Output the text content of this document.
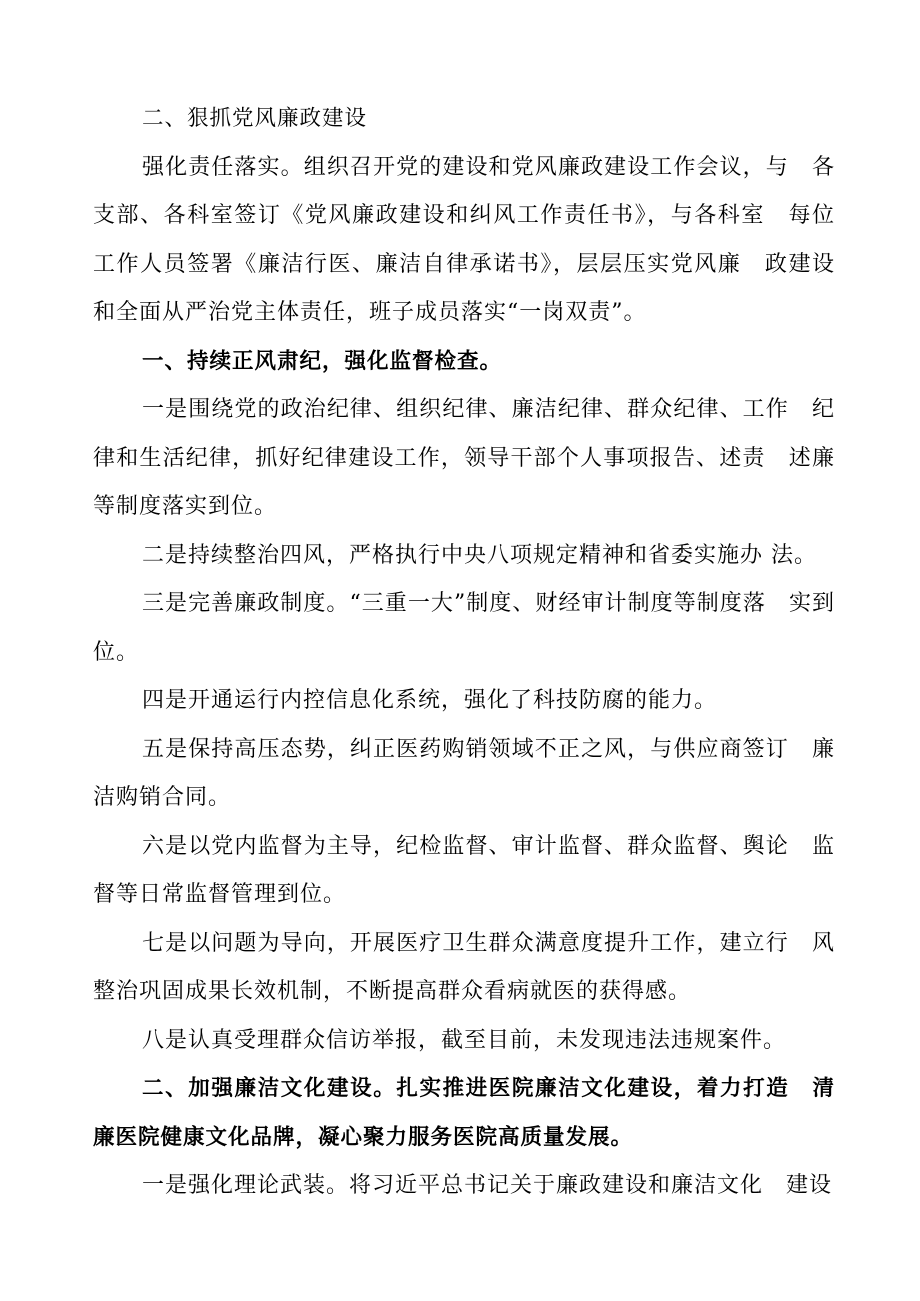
二、狠抓党风廉政建设

强化责任落实。组织召开党的建设和党风廉政建设工作会议，与　各支部、各科室签订《党风廉政建设和纠风工作责任书》，与各科室　每位工作人员签署《廉洁行医、廉洁自律承诺书》，层层压实党风廉　政建设和全面从严治党主体责任，班子成员落实“一岗双责”。

一、持续正风肃纪，强化监督检查。

一是围绕党的政治纪律、组织纪律、廉洁纪律、群众纪律、工作　纪律和生活纪律，抓好纪律建设工作，领导干部个人事项报告、述责　述廉等制度落实到位。

二是持续整治四风，严格执行中央八项规定精神和省委实施办 法。

三是完善廉政制度。“三重一大”制度、财经审计制度等制度落　实到位。

四是开通运行内控信息化系统，强化了科技防腐的能力。

五是保持高压态势，纠正医药购销领域不正之风，与供应商签订　廉洁购销合同。

六是以党内监督为主导，纪检监督、审计监督、群众监督、舆论　监督等日常监督管理到位。

七是以问题为导向，开展医疗卫生群众满意度提升工作，建立行　风整治巩固成果长效机制，不断提高群众看病就医的获得感。

八是认真受理群众信访举报，截至目前，未发现违法违规案件。

二、加强廉洁文化建设。扎实推进医院廉洁文化建设，着力打造　清廉医院健康文化品牌，凝心聚力服务医院高质量发展。

一是强化理论武装。将习近平总书记关于廉政建设和廉洁文化　建设
